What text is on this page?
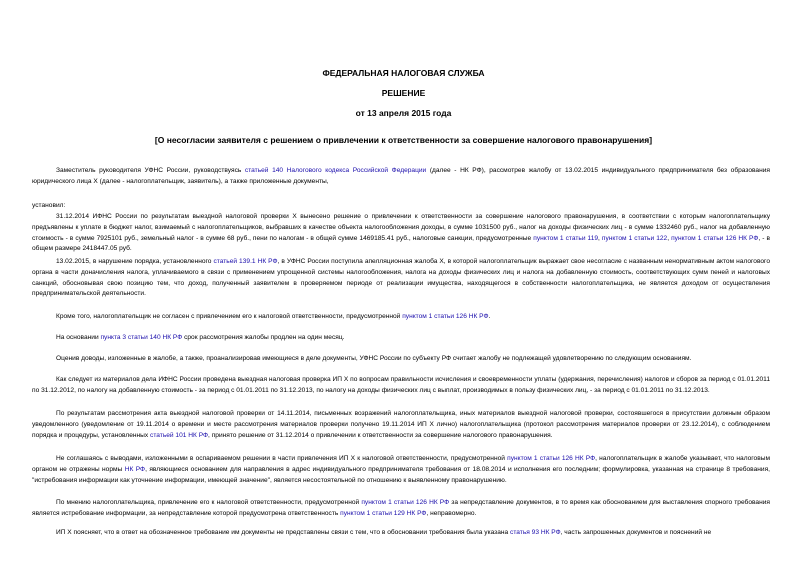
ФЕДЕРАЛЬНАЯ НАЛОГОВАЯ СЛУЖБА
РЕШЕНИЕ
от 13 апреля 2015 года
[О несогласии заявителя с решением о привлечении к ответственности за совершение налогового правонарушения]

Заместитель руководителя УФНС России, руководствуясь статьей 140 Налогового кодекса Российской Федерации (далее - НК РФ), рассмотрев жалобу от 13.02.2015 индивидуального предпринимателя без образования юридического лица X (далее - налогоплательщик, заявитель), а также приложенные документы,

установил:

31.12.2014 ИФНС России по результатам выездной налоговой проверки X вынесено решение о привлечении к ответственности за совершение налогового правонарушения, в соответствии с которым налогоплательщику предъявлены к уплате в бюджет налог, взимаемый с налогоплательщиков, выбравших в качестве объекта налогообложения доходы, в сумме 1031500 руб., налог на доходы физических лиц - в сумме 1332460 руб., налог на добавленную стоимость - в сумме 7925101 руб., земельный налог - в сумме 68 руб., пени по налогам - в общей сумме 1469185.41 руб., налоговые санкции, предусмотренные пунктом 1 статьи 119, пунктом 1 статьи 122, пунктом 1 статьи 126 НК РФ, - в общем размере 2418447.05 руб.

13.02.2015, в нарушение порядка, установленного статьей 139.1 НК РФ, в УФНС России поступила апелляционная жалоба X, в которой налогоплательщик выражает свое несогласие с названным ненормативным актом налогового органа в части доначисления налога, уплачиваемого в связи с применением упрощенной системы налогообложения, налога на доходы физических лиц и налога на добавленную стоимость, соответствующих сумм пеней и налоговых санкций, обосновывая свою позицию тем, что доход, полученный заявителем в проверяемом периоде от реализации имущества, находящегося в собственности налогоплательщика, не является доходом от осуществления предпринимательской деятельности.

Кроме того, налогоплательщик не согласен с привлечением его к налоговой ответственности, предусмотренной пунктом 1 статьи 126 НК РФ.

На основании пункта 3 статьи 140 НК РФ срок рассмотрения жалобы продлен на один месяц.

Оценив доводы, изложенные в жалобе, а также, проанализировав имеющиеся в деле документы, УФНС России по субъекту РФ считает жалобу не подлежащей удовлетворению по следующим основаниям.

Как следует из материалов дела ИФНС России проведена выездная налоговая проверка ИП X по вопросам правильности исчисления и своевременности уплаты (удержания, перечисления) налогов и сборов за период с 01.01.2011 по 31.12.2012, по налогу на добавленную стоимость - за период с 01.01.2011 по 31.12.2013, по налогу на доходы физических лиц с выплат, производимых в пользу физических лиц, - за период с 01.01.2011 по 31.12.2013.

По результатам рассмотрения акта выездной налоговой проверки от 14.11.2014, письменных возражений налогоплательщика, иных материалов выездной налоговой проверки, состоявшегося в присутствии должным образом уведомленного (уведомление от 19.11.2014 о времени и месте рассмотрения материалов проверки получено 19.11.2014 ИП X лично) налогоплательщика (протокол рассмотрения материалов проверки от 23.12.2014), с соблюдением порядка и процедуры, установленных статьей 101 НК РФ, принято решение от 31.12.2014 о привлечении к ответственности за совершение налогового правонарушения.

Не соглашаясь с выводами, изложенными в оспариваемом решении в части привлечения ИП X к налоговой ответственности, предусмотренной пунктом 1 статьи 126 НК РФ, налогоплательщик в жалобе указывает, что налоговым органом не отражены нормы НК РФ, являющиеся основанием для направления в адрес индивидуального предпринимателя требования от 18.08.2014 и исполнения его последним; формулировка, указанная на странице 8 требования, "истребования информации как уточнение информации, имеющей значение", является несостоятельной по отношению к выявленному правонарушению.

По мнению налогоплательщика, привлечение его к налоговой ответственности, предусмотренной пунктом 1 статьи 126 НК РФ за непредставление документов, в то время как обоснованием для выставления спорного требования является истребование информации, за непредставление которой предусмотрена ответственность пунктом 1 статьи 129 НК РФ, неправомерно.

ИП X поясняет, что в ответ на обозначенное требование им документы не представлены связи с тем, что в обосновании требования была указана статья 93 НК РФ, часть запрошенных документов и пояснений не
